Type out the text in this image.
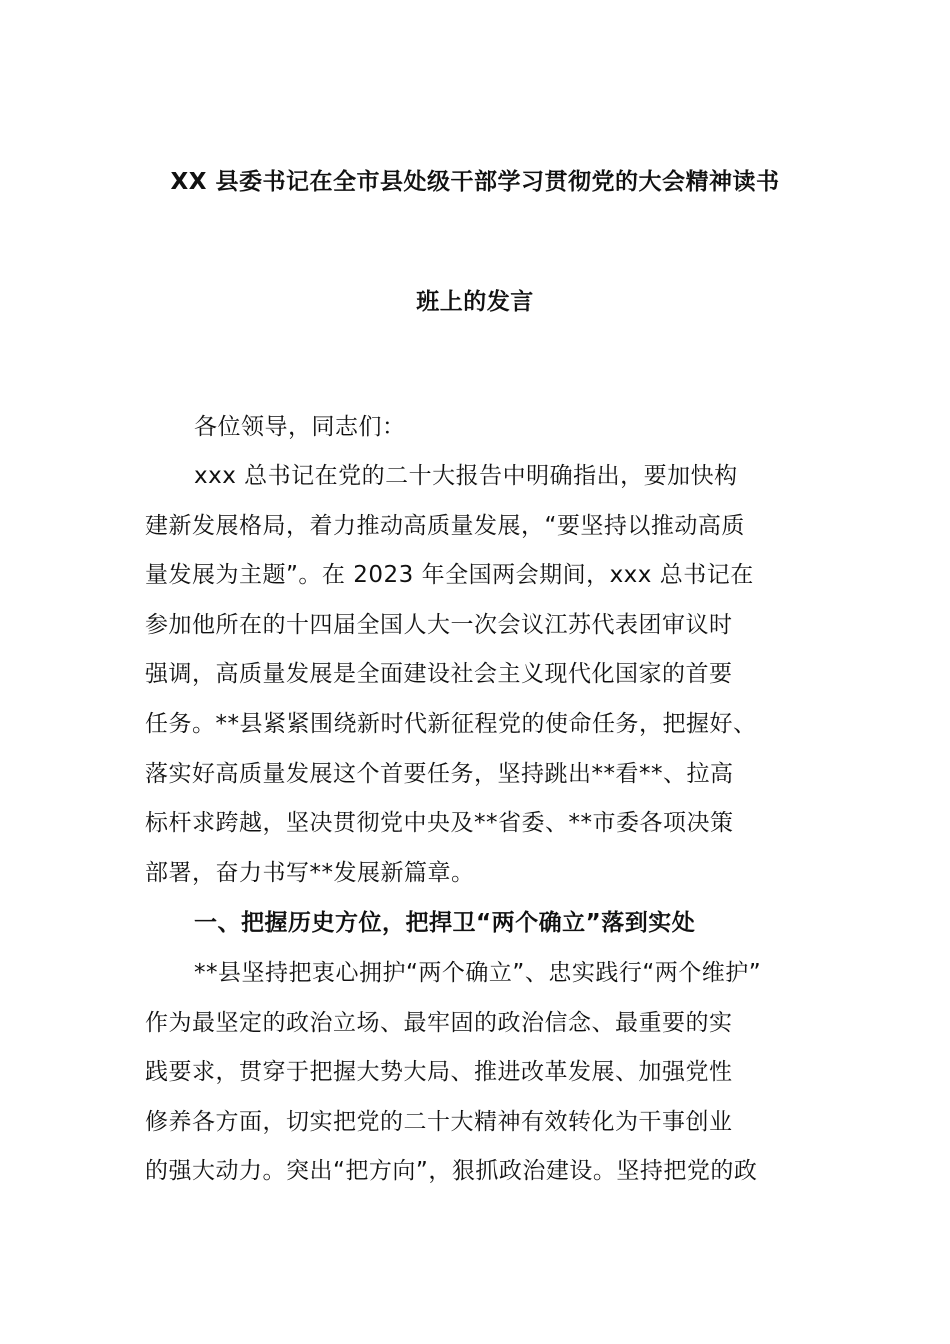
XX 县委书记在全市县处级干部学习贯彻党的大会精神读书
班上的发言
各位领导，同志们：
xxx 总书记在党的二十大报告中明确指出，要加快构
建新发展格局，着力推动高质量发展，“要坚持以推动高质
量发展为主题”。在 2023 年全国两会期间，xxx 总书记在
参加他所在的十四届全国人大一次会议江苏代表团审议时
强调，高质量发展是全面建设社会主义现代化国家的首要
任务。**县紧紧围绕新时代新征程党的使命任务，把握好、
落实好高质量发展这个首要任务，坚持跳出**看**、拉高
标杆求跨越，坚决贯彻党中央及**省委、**市委各项决策
部署，奋力书写**发展新篇章。
一、把握历史方位，把捍卫“两个确立”落到实处
**县坚持把衷心拥护“两个确立”、忠实践行“两个维护”
作为最坚定的政治立场、最牢固的政治信念、最重要的实
践要求，贯穿于把握大势大局、推进改革发展、加强党性
修养各方面，切实把党的二十大精神有效转化为干事创业
的强大动力。突出“把方向”，狠抓政治建设。坚持把党的政
